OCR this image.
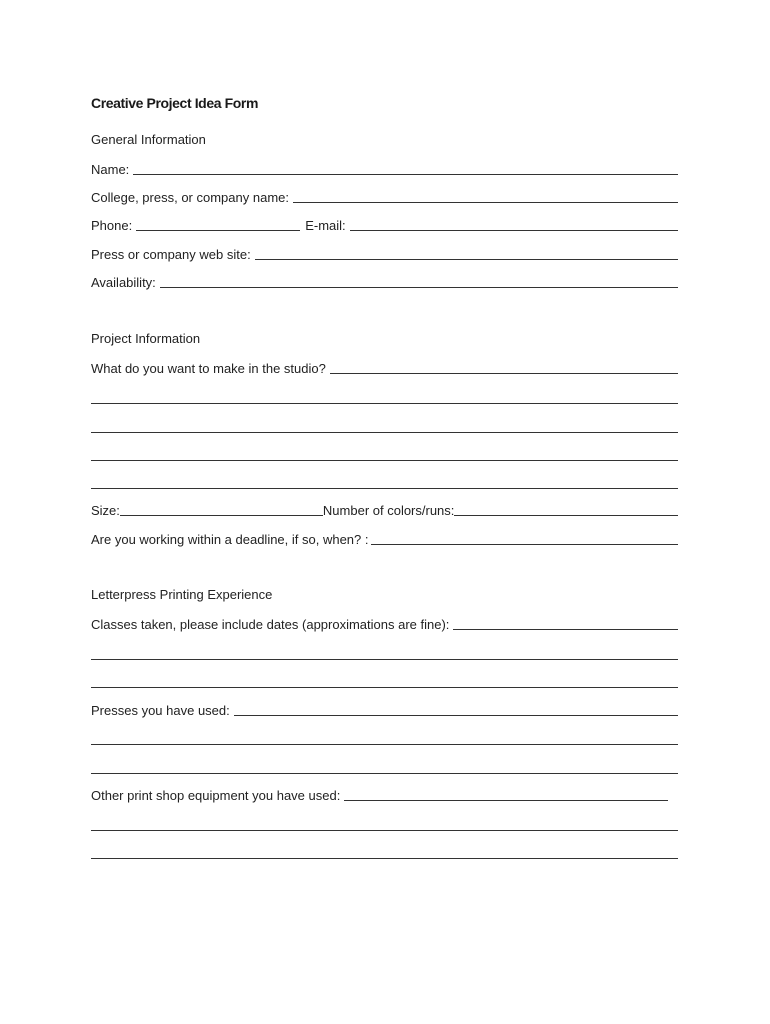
Creative Project Idea Form
General Information
Name:
College, press, or company name:
Phone:	E-mail:
Press or company web site:
Availability:
Project Information
What do you want to make in the studio?
Size:	Number of colors/runs:
Are you working within a deadline, if so, when? :
Letterpress Printing Experience
Classes taken, please include dates (approximations are fine):
Presses you have used:
Other print shop equipment you have used:
